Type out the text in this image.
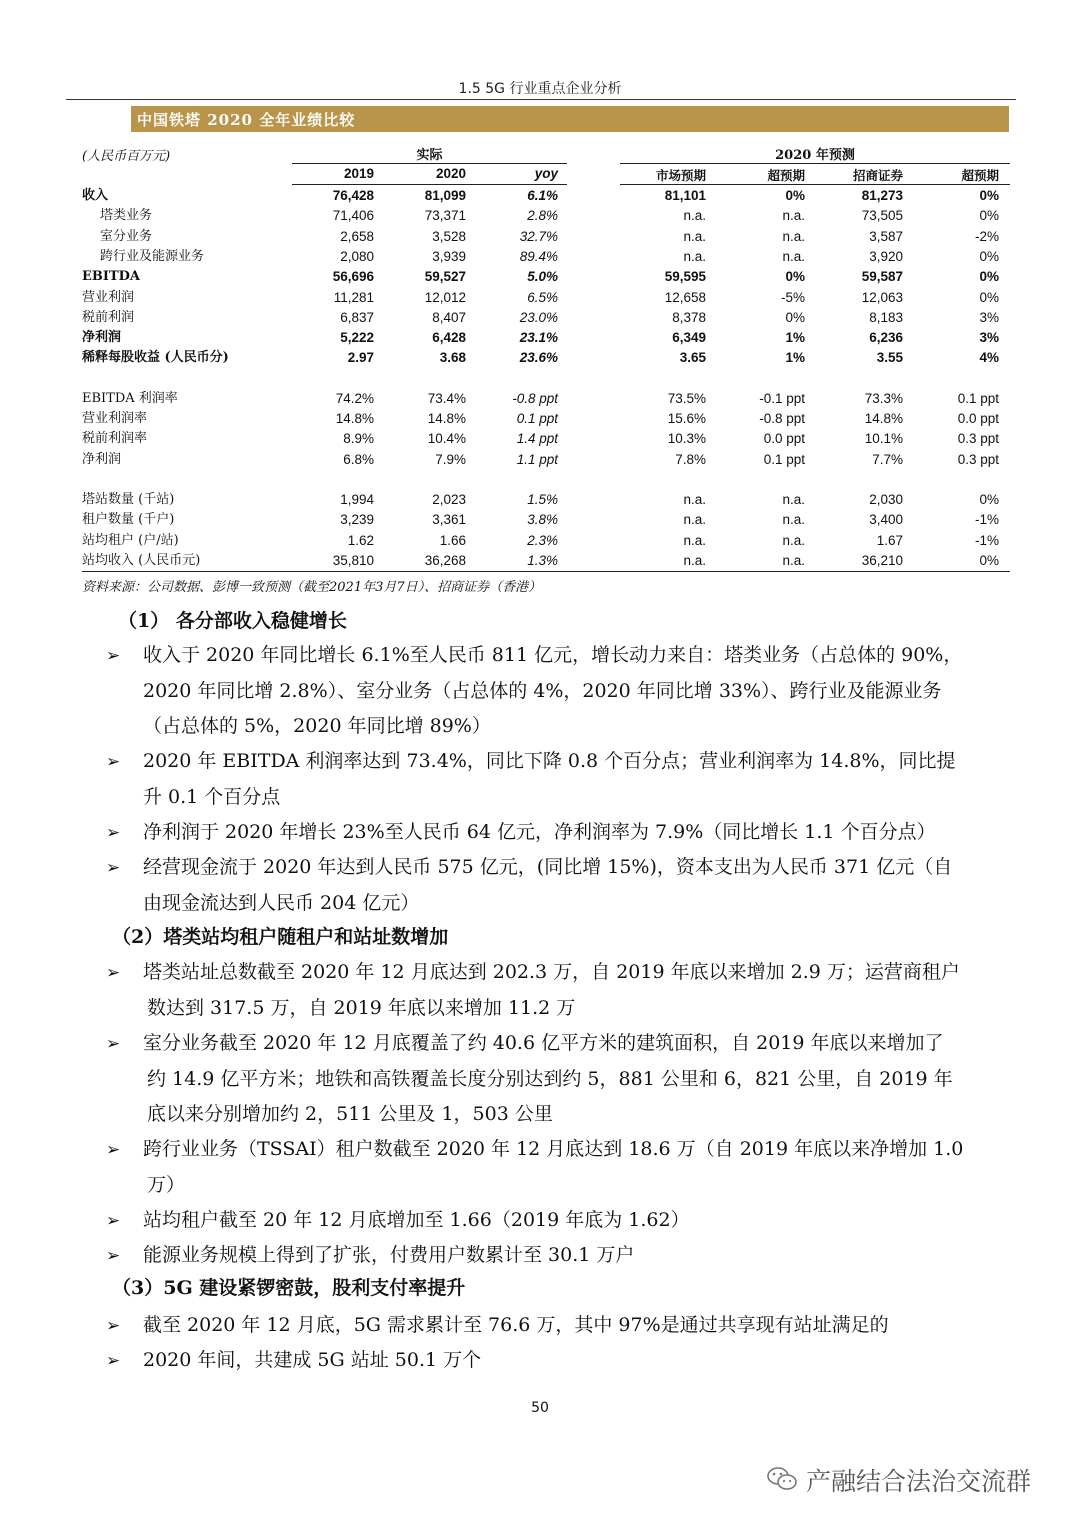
1.5 5G 行业重点企业分析
中国铁塔 2020 全年业绩比较
(人民币百万元)	实际	2020 年预测
2019	2020	yoy	市场预期	超预期	招商证券	超预期
收入	76,428	81,099	6.1%	81,101	0%	81,273	0%
塔类业务	71,406	73,371	2.8%	n.a.	n.a.	73,505	0%
室分业务	2,658	3,528	32.7%	n.a.	n.a.	3,587	-2%
跨行业及能源业务	2,080	3,939	89.4%	n.a.	n.a.	3,920	0%
EBITDA	56,696	59,527	5.0%	59,595	0%	59,587	0%
营业利润	11,281	12,012	6.5%	12,658	-5%	12,063	0%
税前利润	6,837	8,407	23.0%	8,378	0%	8,183	3%
净利润	5,222	6,428	23.1%	6,349	1%	6,236	3%
稀释每股收益 (人民币分)	2.97	3.68	23.6%	3.65	1%	3.55	4%
EBITDA 利润率	74.2%	73.4%	-0.8 ppt	73.5%	-0.1 ppt	73.3%	0.1 ppt
营业利润率	14.8%	14.8%	0.1 ppt	15.6%	-0.8 ppt	14.8%	0.0 ppt
税前利润率	8.9%	10.4%	1.4 ppt	10.3%	0.0 ppt	10.1%	0.3 ppt
净利润	6.8%	7.9%	1.1 ppt	7.8%	0.1 ppt	7.7%	0.3 ppt
塔站数量 (千站)	1,994	2,023	1.5%	n.a.	n.a.	2,030	0%
租户数量 (千户)	3,239	3,361	3.8%	n.a.	n.a.	3,400	-1%
站均租户 (户/站)	1.62	1.66	2.3%	n.a.	n.a.	1.67	-1%
站均收入 (人民币元)	35,810	36,268	1.3%	n.a.	n.a.	36,210	0%
资料来源：公司数据、彭博一致预测（截至2021年3月7日）、招商证券（香港）
（1） 各分部收入稳健增长
➢ 收入于 2020 年同比增长 6.1%至人民币 811 亿元，增长动力来自：塔类业务（占总体的 90%，
2020 年同比增 2.8%）、室分业务（占总体的 4%，2020 年同比增 33%）、跨行业及能源业务
（占总体的 5%，2020 年同比增 89%）
➢ 2020 年 EBITDA 利润率达到 73.4%，同比下降 0.8 个百分点；营业利润率为 14.8%，同比提
升 0.1 个百分点
➢ 净利润于 2020 年增长 23%至人民币 64 亿元，净利润率为 7.9%（同比增长 1.1 个百分点）
➢ 经营现金流于 2020 年达到人民币 575 亿元，(同比增 15%)，资本支出为人民币 371 亿元（自
由现金流达到人民币 204 亿元）
（2）塔类站均租户随租户和站址数增加
➢ 塔类站址总数截至 2020 年 12 月底达到 202.3 万，自 2019 年底以来增加 2.9 万；运营商租户
数达到 317.5 万，自 2019 年底以来增加 11.2 万
➢ 室分业务截至 2020 年 12 月底覆盖了约 40.6 亿平方米的建筑面积，自 2019 年底以来增加了
约 14.9 亿平方米；地铁和高铁覆盖长度分别达到约 5，881 公里和 6，821 公里，自 2019 年
底以来分别增加约 2，511 公里及 1，503 公里
➢ 跨行业业务（TSSAI）租户数截至 2020 年 12 月底达到 18.6 万（自 2019 年底以来净增加 1.0
万）
➢ 站均租户截至 20 年 12 月底增加至 1.66（2019 年底为 1.62）
➢ 能源业务规模上得到了扩张，付费用户数累计至 30.1 万户
（3）5G 建设紧锣密鼓，股利支付率提升
➢ 截至 2020 年 12 月底，5G 需求累计至 76.6 万，其中 97%是通过共享现有站址满足的
➢ 2020 年间，共建成 5G 站址 50.1 万个
50
产融结合法治交流群
